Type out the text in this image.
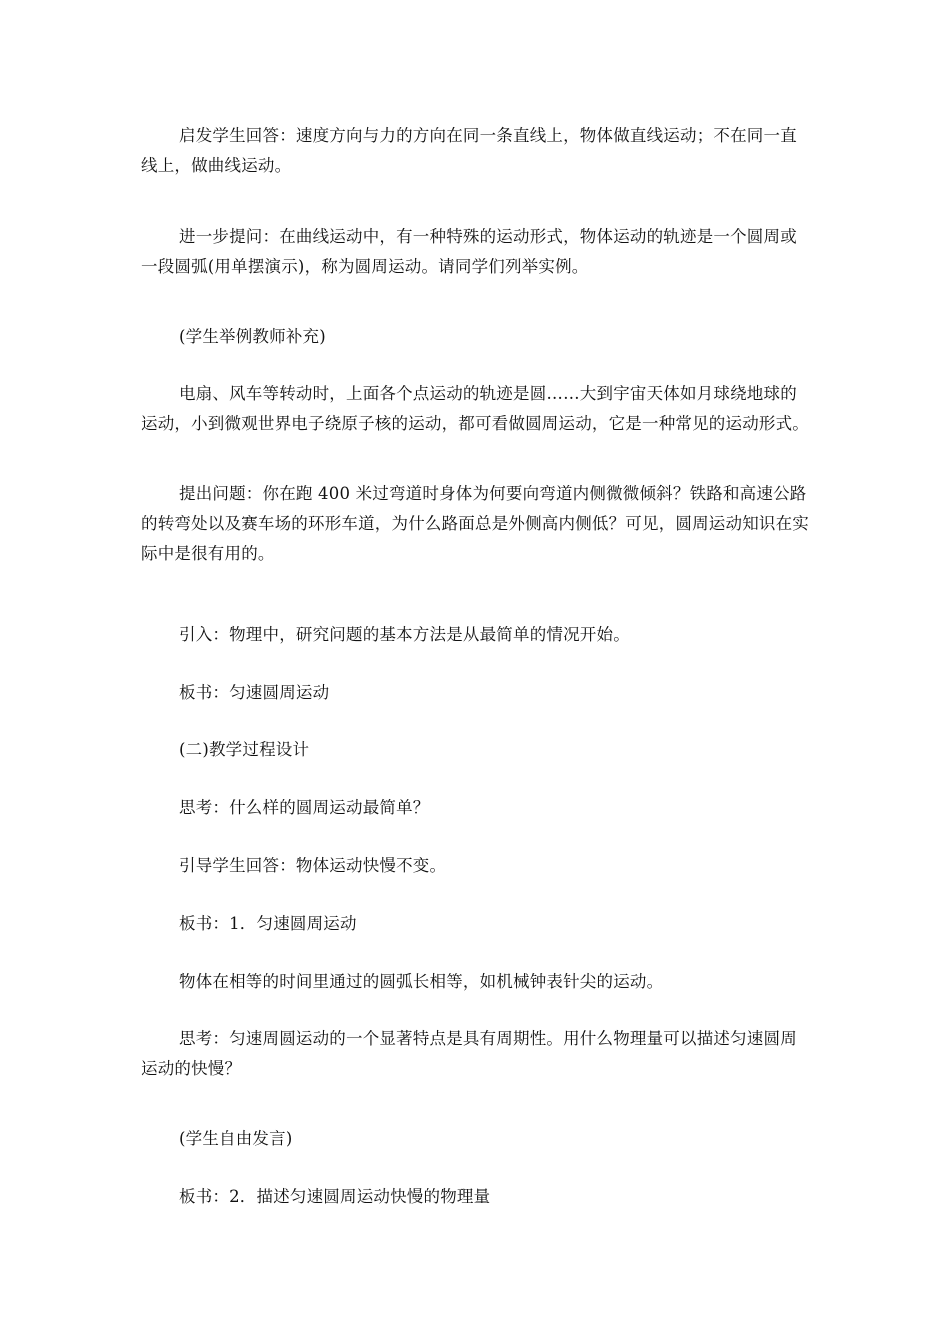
启发学生回答：速度方向与力的方向在同一条直线上，物体做直线运动；不在同一直线上，做曲线运动。

进一步提问：在曲线运动中，有一种特殊的运动形式，物体运动的轨迹是一个圆周或一段圆弧(用单摆演示)，称为圆周运动。请同学们列举实例。

(学生举例教师补充)

电扇、风车等转动时，上面各个点运动的轨迹是圆……大到宇宙天体如月球绕地球的运动，小到微观世界电子绕原子核的运动，都可看做圆周运动，它是一种常见的运动形式。

提出问题：你在跑 400 米过弯道时身体为何要向弯道内侧微微倾斜？铁路和高速公路的转弯处以及赛车场的环形车道，为什么路面总是外侧高内侧低？可见，圆周运动知识在实际中是很有用的。

引入：物理中，研究问题的基本方法是从最简单的情况开始。

板书：匀速圆周运动

(二)教学过程设计

思考：什么样的圆周运动最简单？

引导学生回答：物体运动快慢不变。

板书：1．匀速圆周运动

物体在相等的时间里通过的圆弧长相等，如机械钟表针尖的运动。

思考：匀速周圆运动的一个显著特点是具有周期性。用什么物理量可以描述匀速圆周运动的快慢？

(学生自由发言)

板书：2．描述匀速圆周运动快慢的物理量
